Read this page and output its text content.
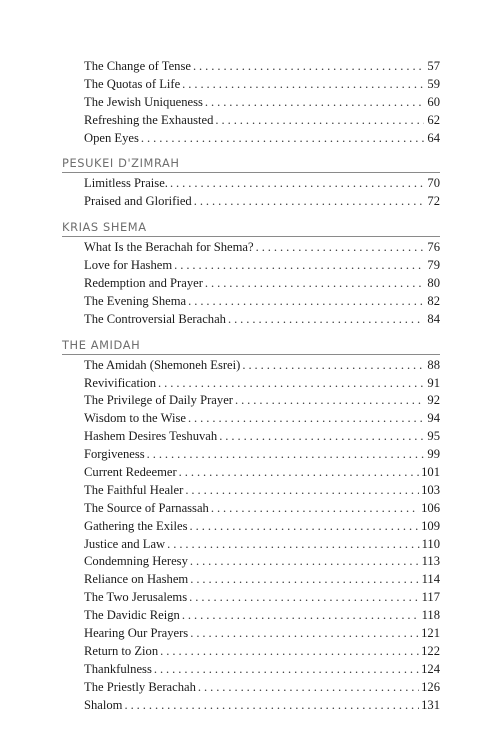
The Change of Tense . . .	57
The Quotas of Life . . .	59
The Jewish Uniqueness . . .	60
Refreshing the Exhausted . . .	62
Open Eyes . . .	64
PESUKEI D'ZIMRAH
Limitless Praise. . . .	70
Praised and Glorified . . .	72
KRIAS SHEMA
What Is the Berachah for Shema? . . .	76
Love for Hashem . . .	79
Redemption and Prayer . . .	80
The Evening Shema . . .	82
The Controversial Berachah . . .	84
THE AMIDAH
The Amidah (Shemoneh Esrei) . . .	88
Revivification . . .	91
The Privilege of Daily Prayer . . .	92
Wisdom to the Wise . . .	94
Hashem Desires Teshuvah . . .	95
Forgiveness . . .	99
Current Redeemer . . .	101
The Faithful Healer . . .	103
The Source of Parnassah . . .	106
Gathering the Exiles . . .	109
Justice and Law . . .	110
Condemning Heresy . . .	113
Reliance on Hashem . . .	114
The Two Jerusalems . . .	117
The Davidic Reign . . .	118
Hearing Our Prayers . . .	121
Return to Zion . . .	122
Thankfulness . . .	124
The Priestly Berachah . . .	126
Shalom . . .	131
